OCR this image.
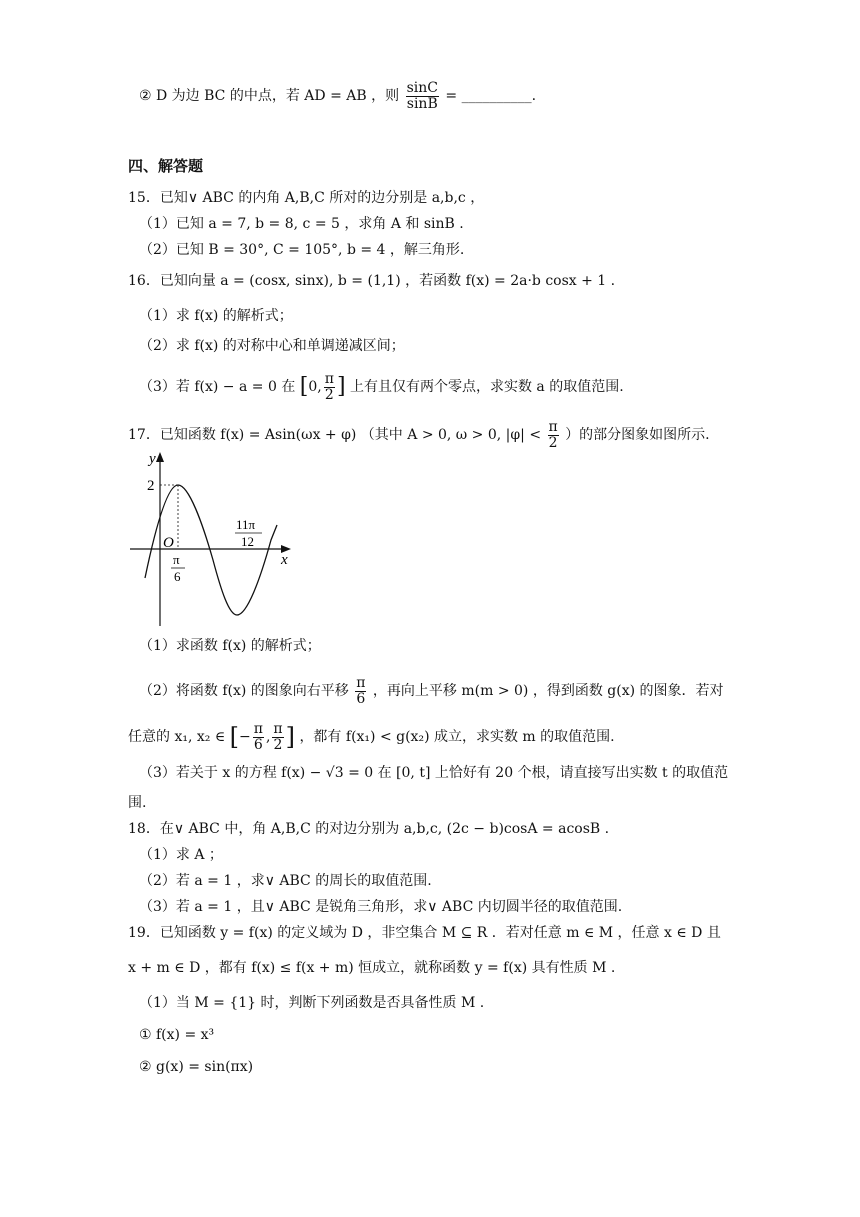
② D 为边 BC 的中点，若 AD = AB ，则 $\frac{\sin C}{\sin B}$ = __________.
四、解答题
15．已知∨ ABC 的内角 A,B,C 所对的边分别是 a,b,c ，
（1）已知 a = 7, b = 8, c = 5 ，求角 A 和 sinB .
（2）已知 B = 30°, C = 105°, b = 4 ，解三角形.
16．已知向量 a = (cosx, sinx), b = (1,1) ，若函数 f(x) = 2a·b cosx + 1 .
（1）求 f(x) 的解析式；
（2）求 f(x) 的对称中心和单调递减区间；
（3）若 f(x) − a = 0 在 [0, $\frac{\pi}{2}$ ] 上有且仅有两个零点，求实数 a 的取值范围.
17．已知函数 f(x) = Asin(ωx + φ) （其中 A > 0, ω > 0, $|\varphi| < \frac{\pi}{2}$ ）的部分图象如图所示.
y
x
O
2
π
6
11π
12
（1）求函数 f(x) 的解析式；
（2）将函数 f(x) 的图象向右平移 $\frac{\pi}{6}$ ，再向上平移 m(m > 0) ，得到函数 g(x) 的图象．若对
任意的 x₁, x₂ ∈ [− $\frac{\pi}{6}$ , $\frac{\pi}{2}$ ] ，都有 f(x₁) < g(x₂) 成立，求实数 m 的取值范围.
（3）若关于 x 的方程 f(x) − √3 = 0 在 [0, t] 上恰好有 20 个根，请直接写出实数 t 的取值范
围.
18．在∨ ABC 中，角 A,B,C 的对边分别为 a,b,c, (2c − b)cosA = acosB .
（1）求 A ；
（2）若 a = 1 ，求∨ ABC 的周长的取值范围.
（3）若 a = 1 ，且∨ ABC 是锐角三角形，求∨ ABC 内切圆半径的取值范围.
19．已知函数 y = f(x) 的定义域为 D ，非空集合 M ⊆ R ．若对任意 m ∈ M ，任意 x ∈ D 且
x + m ∈ D ，都有 f(x) ≤ f(x + m) 恒成立，就称函数 y = f(x) 具有性质 M .
（1）当 M = {1} 时，判断下列函数是否具备性质 M .
① f(x) = x³
② g(x) = sin(πx)
